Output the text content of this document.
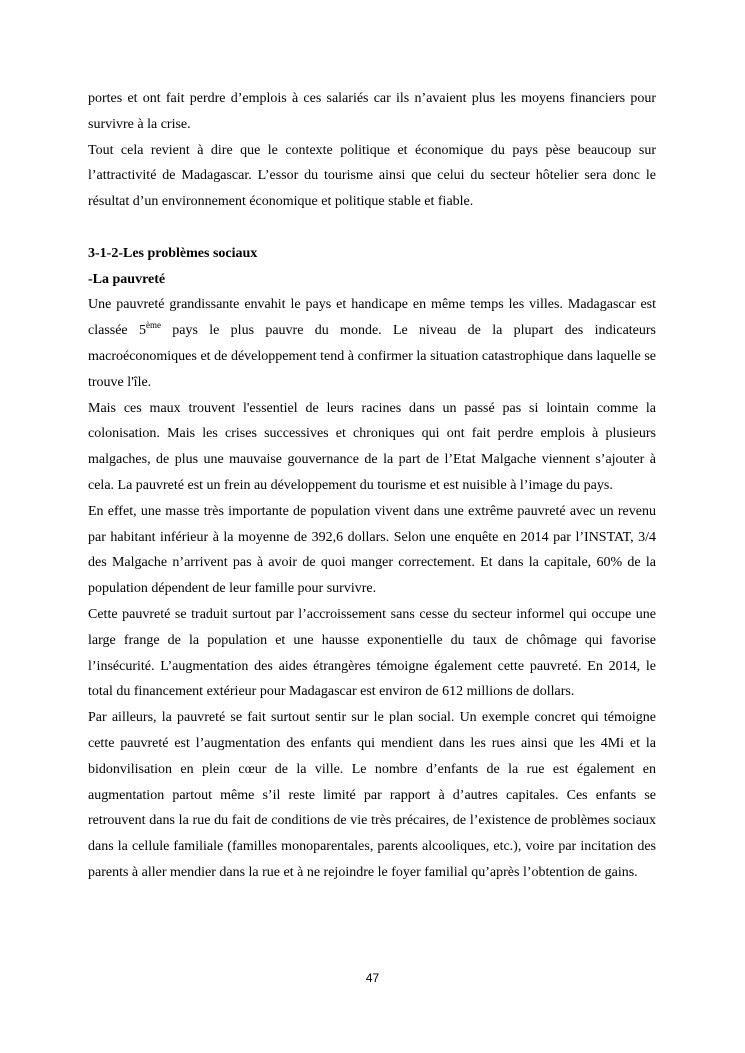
portes et ont fait perdre d’emplois à ces salariés car ils n’avaient plus les moyens financiers pour survivre à la crise.

Tout cela revient à dire que le contexte politique et économique du pays pèse beaucoup sur l’attractivité de Madagascar. L’essor du tourisme ainsi que celui du secteur hôtelier sera donc le résultat d’un environnement économique et politique stable et fiable.

3-1-2-Les problèmes sociaux

-La pauvreté

Une pauvreté grandissante envahit le pays et handicape en même temps les villes. Madagascar est classée 5ème pays le plus pauvre du monde. Le niveau de la plupart des indicateurs macroéconomiques et de développement tend à confirmer la situation catastrophique dans laquelle se trouve l'île.

Mais ces maux trouvent l'essentiel de leurs racines dans un passé pas si lointain comme la colonisation. Mais les crises successives et chroniques qui ont fait perdre emplois à plusieurs malgaches, de plus une mauvaise gouvernance de la part de l’Etat Malgache viennent s’ajouter à cela. La pauvreté est un frein au développement du tourisme et est nuisible à l’image du pays.

En effet, une masse très importante de population vivent dans une extrême pauvreté avec un revenu par habitant inférieur à la moyenne de 392,6 dollars. Selon une enquête en 2014 par l’INSTAT, 3/4 des Malgache n’arrivent pas à avoir de quoi manger correctement. Et dans la capitale, 60% de la population dépendent de leur famille pour survivre.

Cette pauvreté se traduit surtout par l’accroissement sans cesse du secteur informel qui occupe une large frange de la population et une hausse exponentielle du taux de chômage qui favorise l’insécurité. L’augmentation des aides étrangères témoigne également cette pauvreté. En 2014, le total du financement extérieur pour Madagascar est environ de 612 millions de dollars.

Par ailleurs, la pauvreté se fait surtout sentir sur le plan social. Un exemple concret qui témoigne cette pauvreté est l’augmentation des enfants qui mendient dans les rues ainsi que les 4Mi et la bidonvilisation en plein cœur de la ville. Le nombre d’enfants de la rue est également en augmentation partout même s’il reste limité par rapport à d’autres capitales. Ces enfants se retrouvent dans la rue du fait de conditions de vie très précaires, de l’existence de problèmes sociaux dans la cellule familiale (familles monoparentales, parents alcooliques, etc.), voire par incitation des parents à aller mendier dans la rue et à ne rejoindre le foyer familial qu’après l’obtention de gains.

47
